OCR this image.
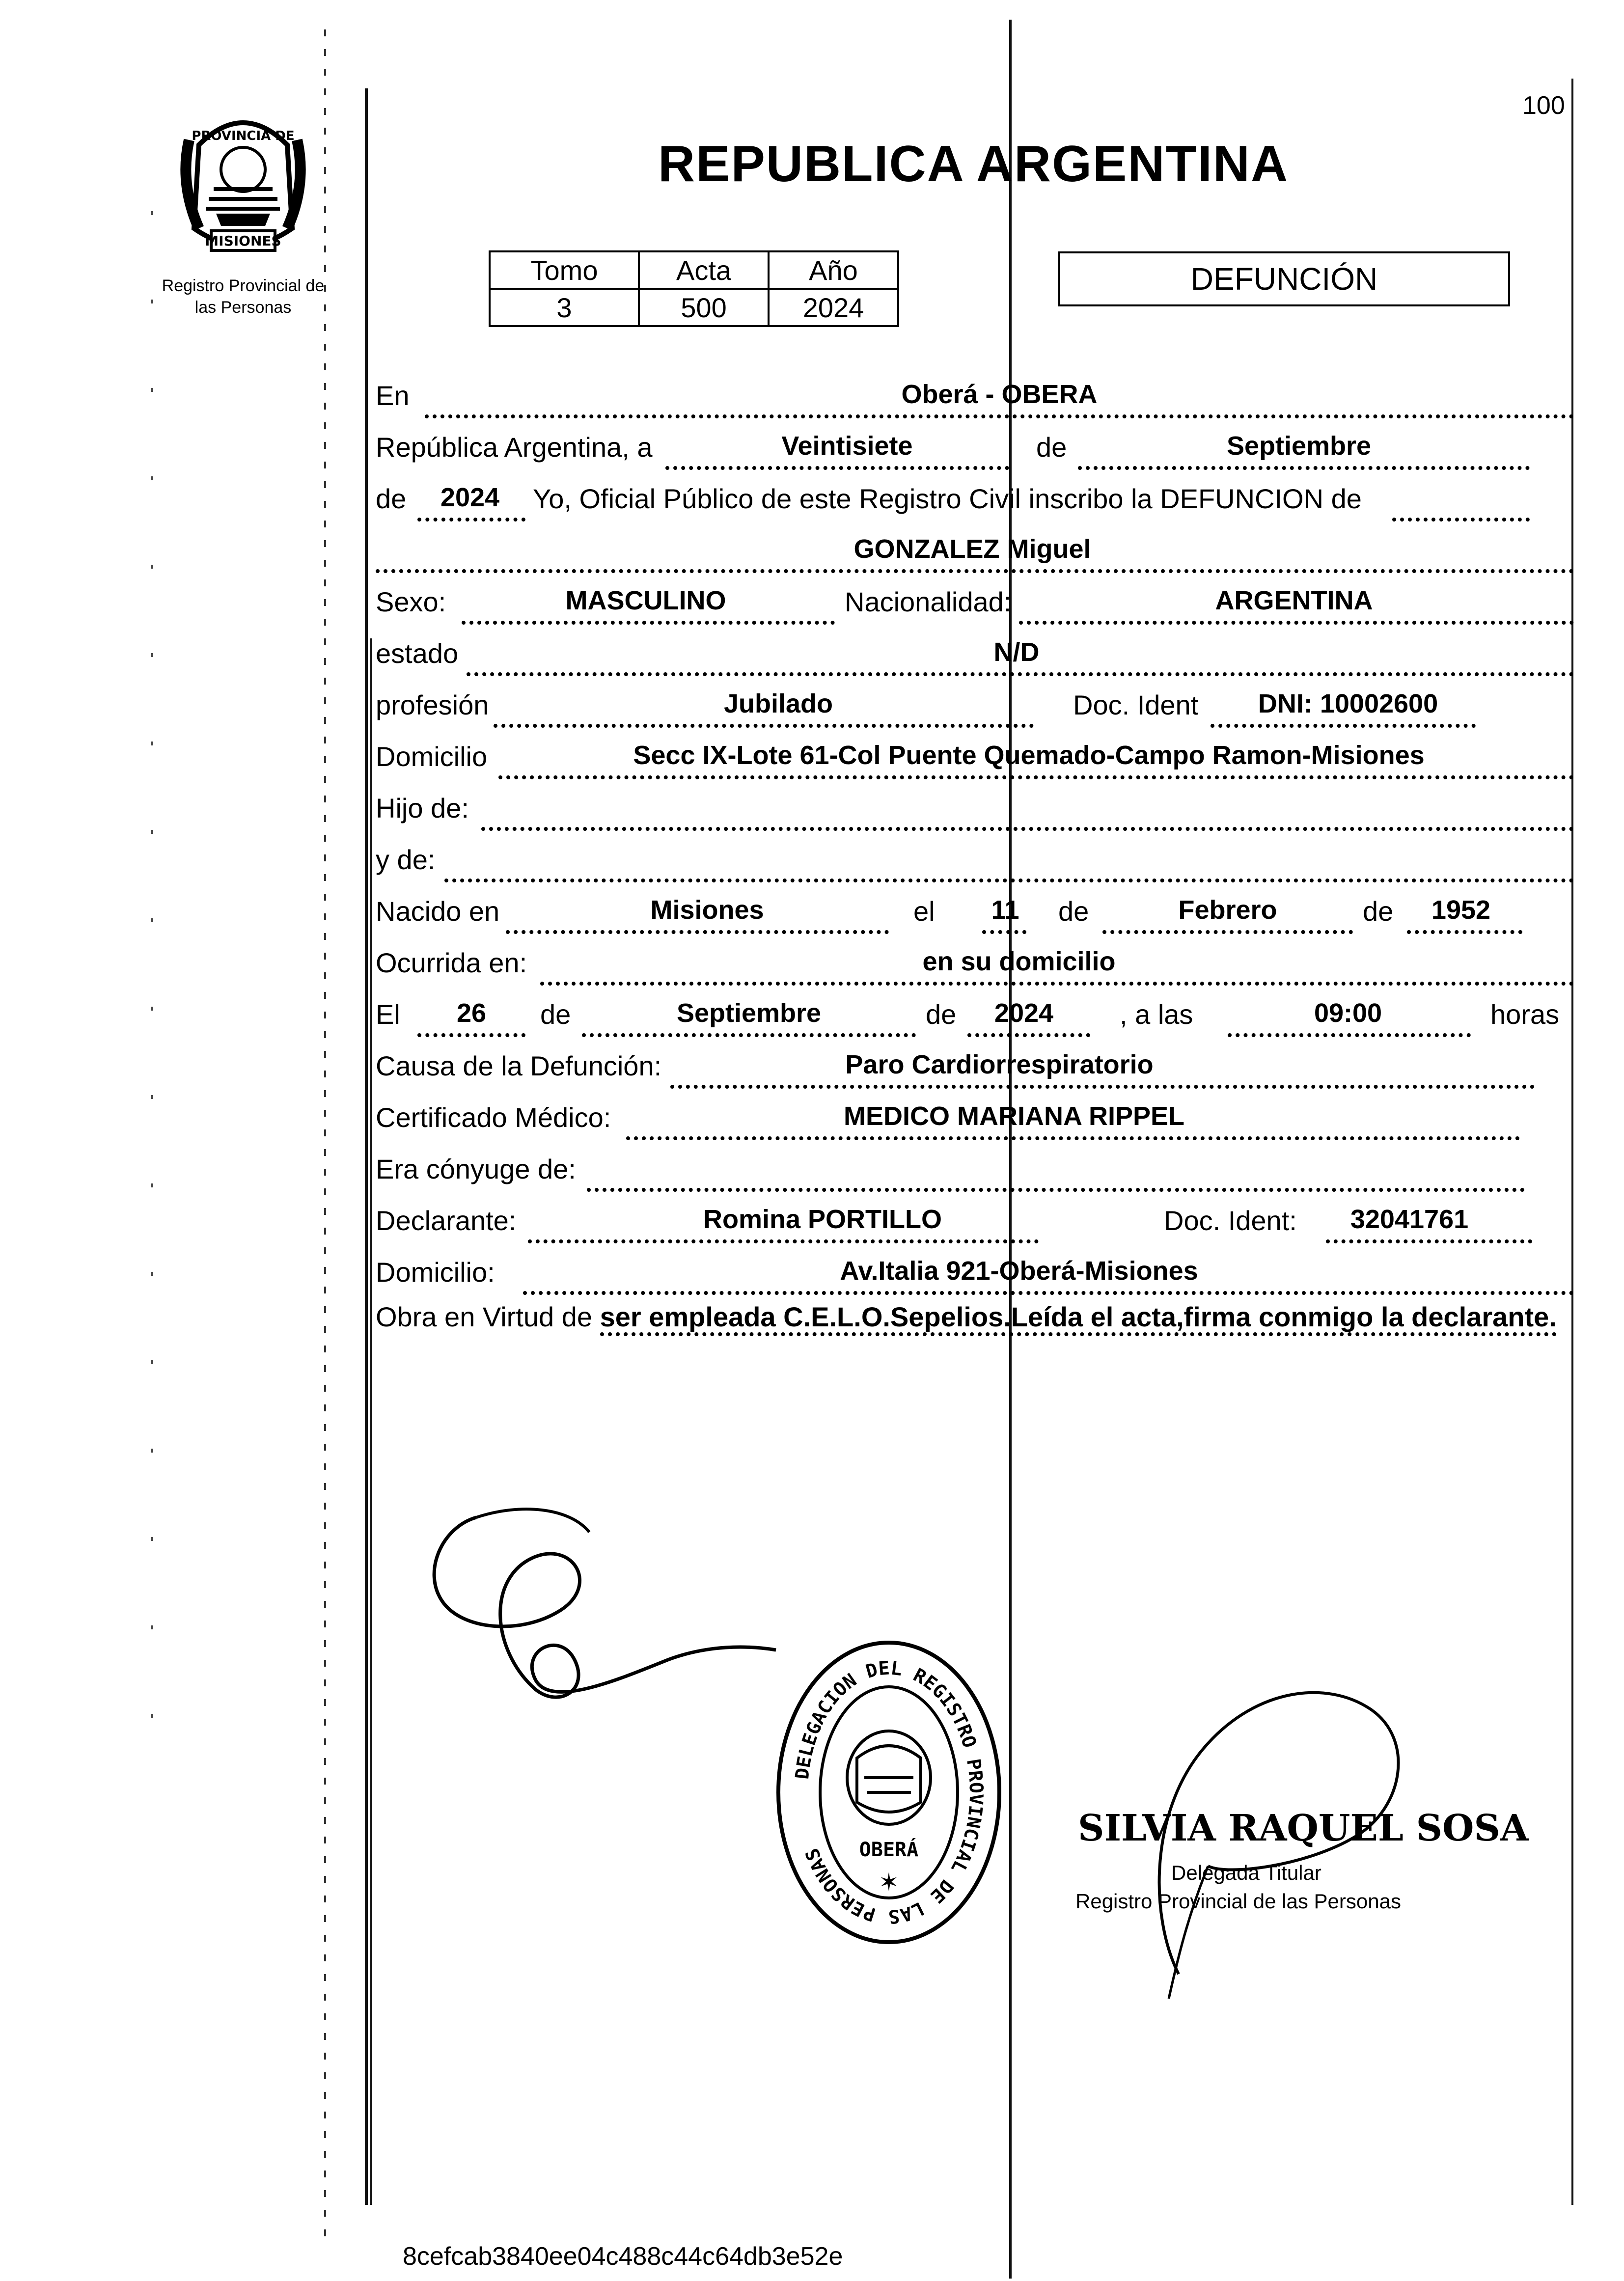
PROVINCIA DE
MISIONES
Registro Provincial de
las Personas
100
REPUBLICA ARGENTINA
Tomo	Acta	Año
3	500	2024
DEFUNCIÓN
En	Oberá - OBERA
República Argentina, a	Veintisiete	de	Septiembre
de 2024 Yo, Oficial Público de este Registro Civil inscribo la DEFUNCION de
GONZALEZ Miguel
Sexo:	MASCULINO	Nacionalidad:	ARGENTINA
estado	N/D
profesión	Jubilado	Doc. Ident DNI: 10002600
Domicilio	Secc IX-Lote 61-Col Puente Quemado-Campo Ramon-Misiones
Hijo de:
y de:
Nacido en	Misiones	el 11 de	Febrero	de 1952
Ocurrida en:	en su domicilio
El 26 de	Septiembre	de 2024 , a las	09:00	horas
Causa de la Defunción:	Paro Cardiorrespiratorio
Certificado Médico:	MEDICO MARIANA RIPPEL
Era cónyuge de:
Declarante:	Romina PORTILLO	Doc. Ident: 32041761
Domicilio:	Av.Italia 921-Oberá-Misiones
Obra en Virtud de ser empleada C.E.L.O.Sepelios.Leída el acta,firma conmigo la declarante.
DELEGACION DEL REGISTRO PROVINCIAL DE LAS PERSONAS	OBERÁ
✶
SILVIA RAQUEL SOSA
Delegada Titular
Registro Provincial de las Personas
8cefcab3840ee04c488c44c64db3e52e
